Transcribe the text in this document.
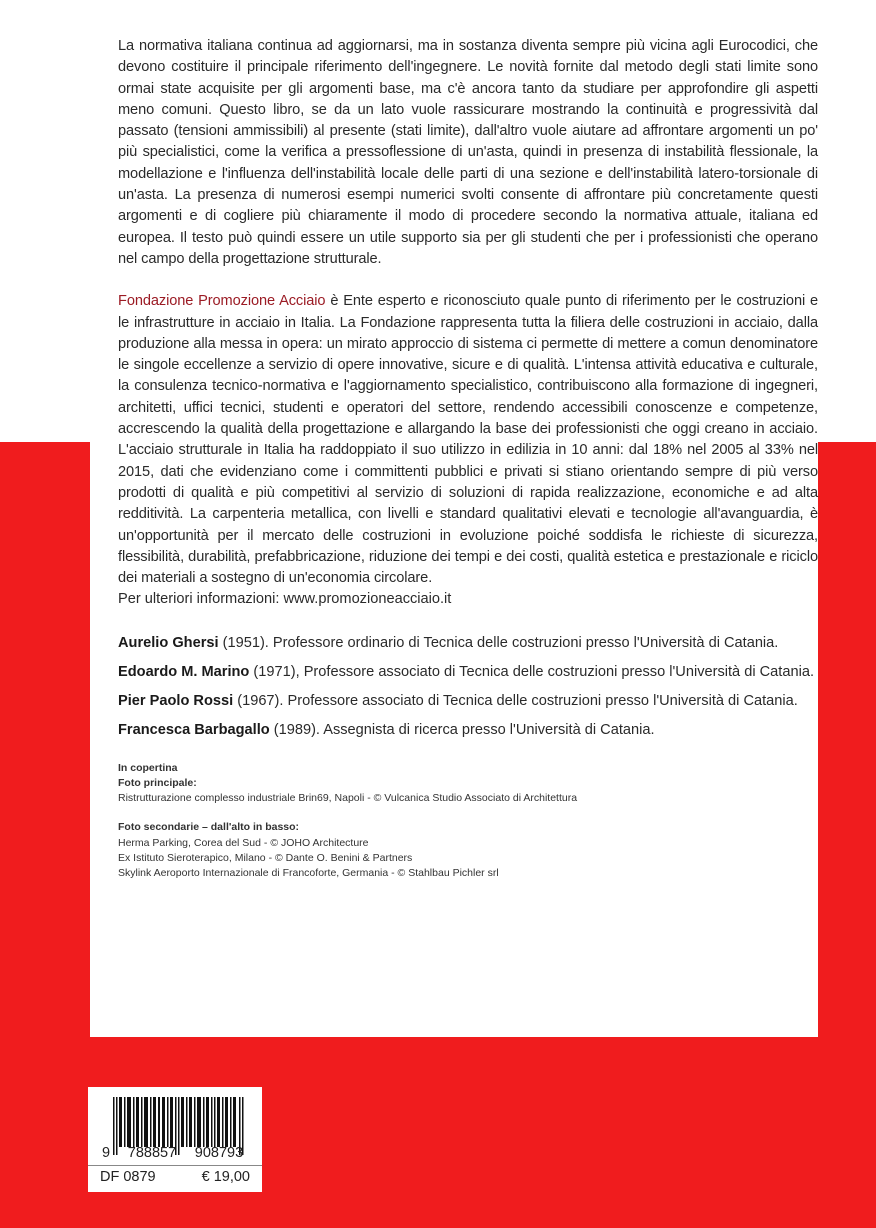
La normativa italiana continua ad aggiornarsi, ma in sostanza diventa sempre più vicina agli Eurocodici, che devono costituire il principale riferimento dell'ingegnere. Le novità fornite dal metodo degli stati limite sono ormai state acquisite per gli argomenti base, ma c'è ancora tanto da studiare per approfondire gli aspetti meno comuni. Questo libro, se da un lato vuole rassicurare mostrando la continuità e progressività dal passato (tensioni ammissibili) al presente (stati limite), dall'altro vuole aiutare ad affrontare argomenti un po' più specialistici, come la verifica a pressoflessione di un'asta, quindi in presenza di instabilità flessionale, la modellazione e l'influenza dell'instabilità locale delle parti di una sezione e dell'instabilità latero-torsionale di un'asta. La presenza di numerosi esempi numerici svolti consente di affrontare più concretamente questi argomenti e di cogliere più chiaramente il modo di procedere secondo la normativa attuale, italiana ed europea. Il testo può quindi essere un utile supporto sia per gli studenti che per i professionisti che operano nel campo della progettazione strutturale.

Fondazione Promozione Acciaio è Ente esperto e riconosciuto quale punto di riferimento per le costruzioni e le infrastrutture in acciaio in Italia. La Fondazione rappresenta tutta la filiera delle costruzioni in acciaio, dalla produzione alla messa in opera: un mirato approccio di sistema ci permette di mettere a comun denominatore le singole eccellenze a servizio di opere innovative, sicure e di qualità. L'intensa attività educativa e culturale, la consulenza tecnico-normativa e l'aggiornamento specialistico, contribuiscono alla formazione di ingegneri, architetti, uffici tecnici, studenti e operatori del settore, rendendo accessibili conoscenze e competenze, accrescendo la qualità della progettazione e allargando la base dei professionisti che oggi creano in acciaio. L'acciaio strutturale in Italia ha raddoppiato il suo utilizzo in edilizia in 10 anni: dal 18% nel 2005 al 33% nel 2015, dati che evidenziano come i committenti pubblici e privati si stiano orientando sempre di più verso prodotti di qualità e più competitivi al servizio di soluzioni di rapida realizzazione, economiche e ad alta redditività. La carpenteria metallica, con livelli e standard qualitativi elevati e tecnologie all'avanguardia, è un'opportunità per il mercato delle costruzioni in evoluzione poiché soddisfa le richieste di sicurezza, flessibilità, durabilità, prefabbricazione, riduzione dei tempi e dei costi, qualità estetica e prestazionale e riciclo dei materiali a sostegno di un'economia circolare.

Per ulteriori informazioni: www.promozioneacciaio.it
Aurelio Ghersi (1951). Professore ordinario di Tecnica delle costruzioni presso l'Università di Catania.
Edoardo M. Marino (1971), Professore associato di Tecnica delle costruzioni presso l'Università di Catania.
Pier Paolo Rossi (1967). Professore associato di Tecnica delle costruzioni presso l'Università di Catania.
Francesca Barbagallo (1989). Assegnista di ricerca presso l'Università di Catania.
In copertina
Foto principale:
Ristrutturazione complesso industriale Brin69, Napoli - © Vulcanica Studio Associato di Architettura
Foto secondarie – dall'alto in basso:
Herma Parking, Corea del Sud - © JOHO Architecture
Ex Istituto Sieroterapico, Milano - © Dante O. Benini & Partners
Skylink Aeroporto Internazionale di Francoforte, Germania - © Stahlbau Pichler srl
9	788857	908793
DF 0879	€ 19,00
